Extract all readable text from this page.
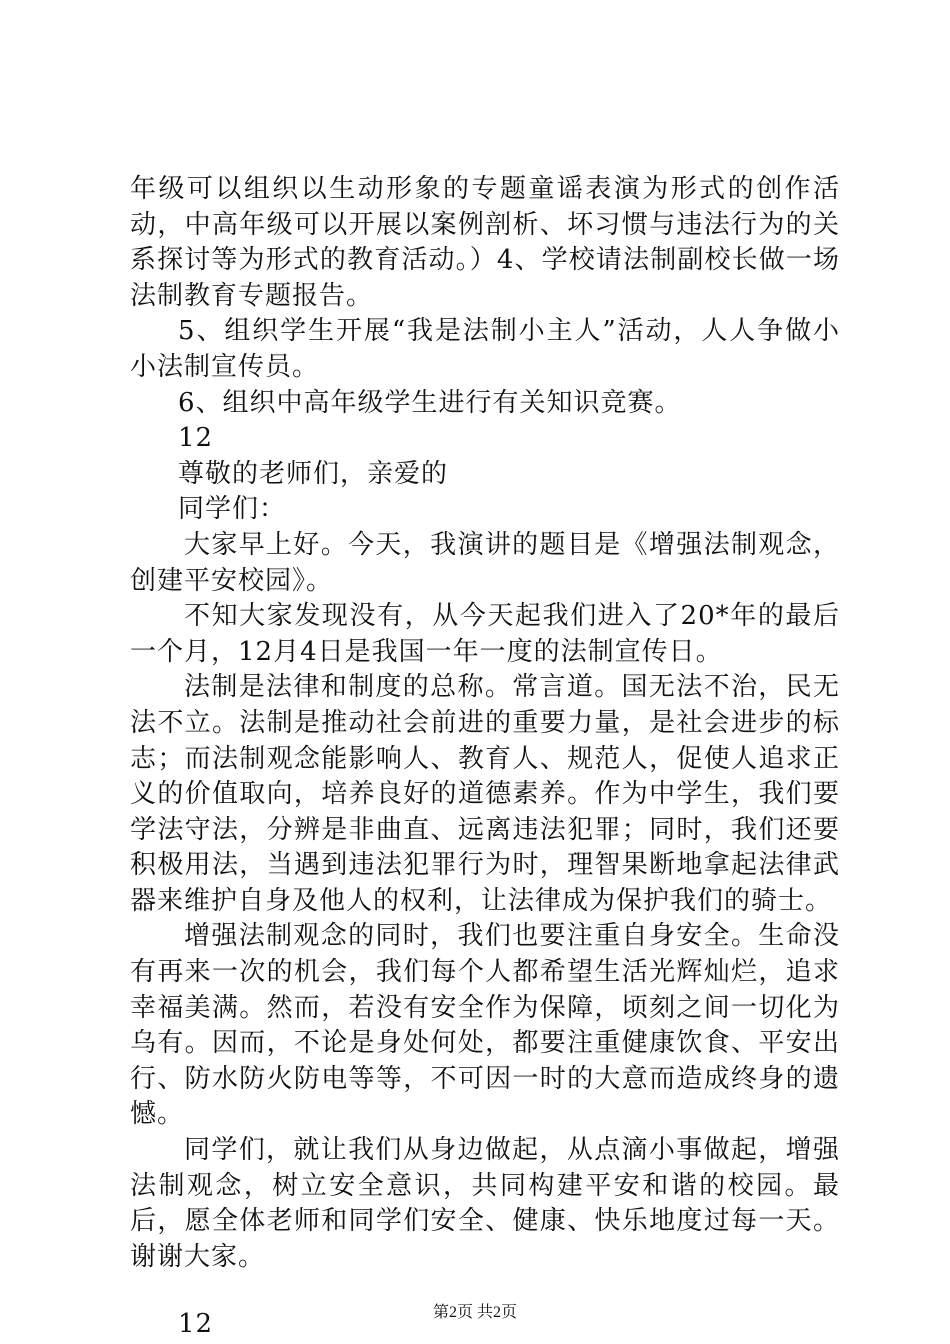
年级可以组织以生动形象的专题童谣表演为形式的创作活动，中高年级可以开展以案例剖析、坏习惯与违法行为的关系探讨等为形式的教育活动。）4、学校请法制副校长做一场法制教育专题报告。

5、组织学生开展“我是法制小主人”活动，人人争做小小法制宣传员。

6、组织中高年级学生进行有关知识竞赛。

12

尊敬的老师们，亲爱的

同学们：

大家早上好。今天，我演讲的题目是《增强法制观念，创建平安校园》。

不知大家发现没有，从今天起我们进入了20*年的最后一个月，12月4日是我国一年一度的法制宣传日。

法制是法律和制度的总称。常言道。国无法不治，民无法不立。法制是推动社会前进的重要力量，是社会进步的标志；而法制观念能影响人、教育人、规范人，促使人追求正义的价值取向，培养良好的道德素养。作为中学生，我们要学法守法，分辨是非曲直、远离违法犯罪；同时，我们还要积极用法，当遇到违法犯罪行为时，理智果断地拿起法律武器来维护自身及他人的权利，让法律成为保护我们的骑士。

增强法制观念的同时，我们也要注重自身安全。生命没有再来一次的机会，我们每个人都希望生活光辉灿烂，追求幸福美满。然而，若没有安全作为保障，顷刻之间一切化为乌有。因而，不论是身处何处，都要注重健康饮食、平安出行、防水防火防电等等，不可因一时的大意而造成终身的遗憾。

同学们，就让我们从身边做起，从点滴小事做起，增强法制观念，树立安全意识，共同构建平安和谐的校园。最后，愿全体老师和同学们安全、健康、快乐地度过每一天。谢谢大家。

12	第2页 共2页
